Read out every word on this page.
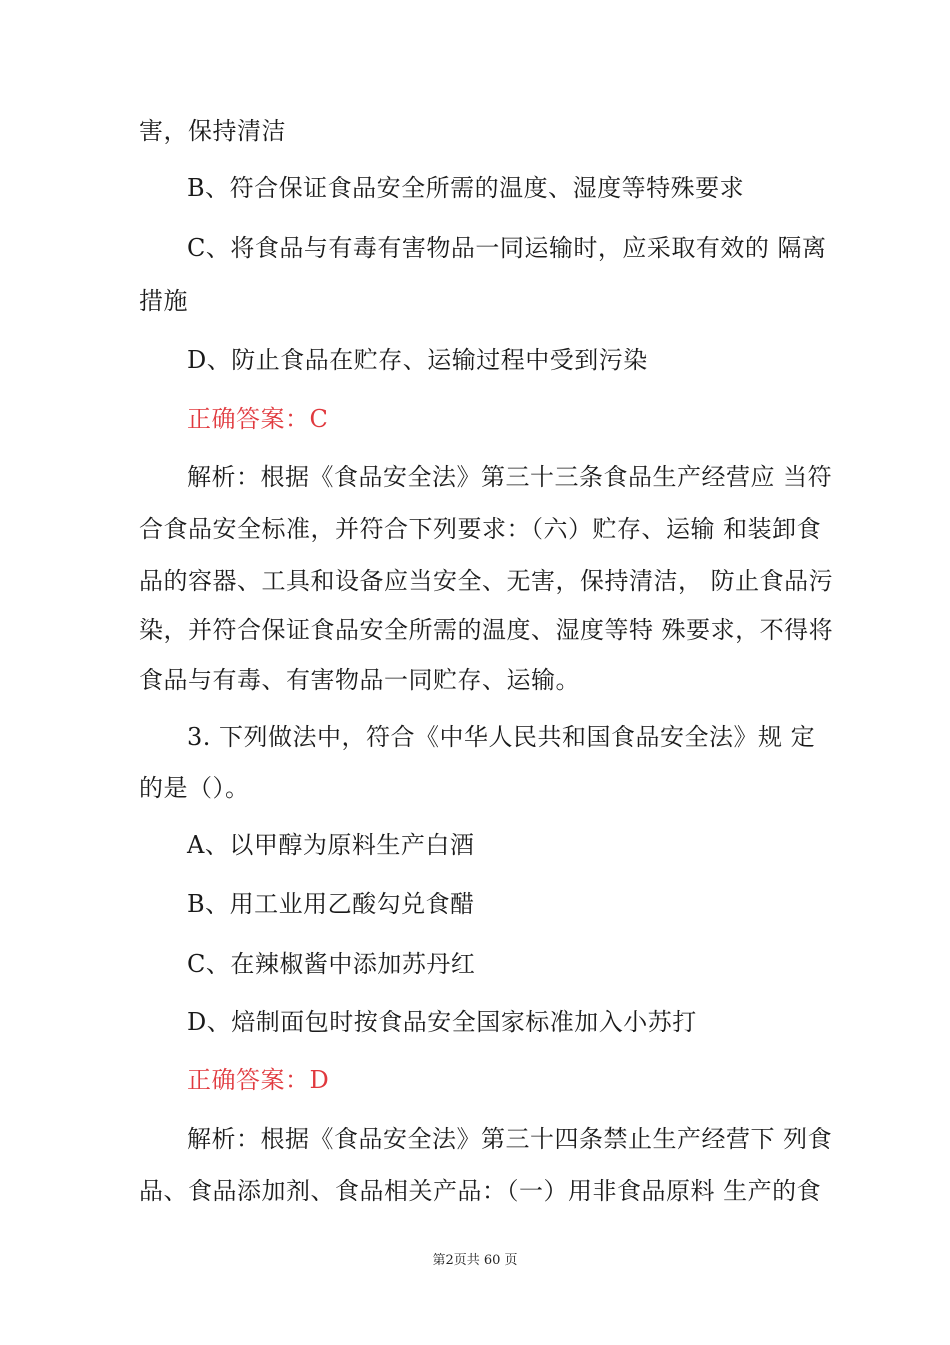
害，保持清洁
B、符合保证食品安全所需的温度、湿度等特殊要求
C、将食品与有毒有害物品一同运输时，应采取有效的 隔离
措施
D、防止食品在贮存、运输过程中受到污染
正确答案：C
解析：根据《食品安全法》第三十三条食品生产经营应 当符
合食品安全标准，并符合下列要求：（六）贮存、运输 和装卸食
品的容器、工具和设备应当安全、无害，保持清洁， 防止食品污
染，并符合保证食品安全所需的温度、湿度等特 殊要求，不得将
食品与有毒、有害物品一同贮存、运输。
3. 下列做法中，符合《中华人民共和国食品安全法》规 定
的是（）。
A、以甲醇为原料生产白酒
B、用工业用乙酸勾兑食醋
C、在辣椒酱中添加苏丹红
D、焙制面包时按食品安全国家标准加入小苏打
正确答案：D
解析：根据《食品安全法》第三十四条禁止生产经营下 列食
品、食品添加剂、食品相关产品：（一）用非食品原料 生产的食
第2页共 60 页
